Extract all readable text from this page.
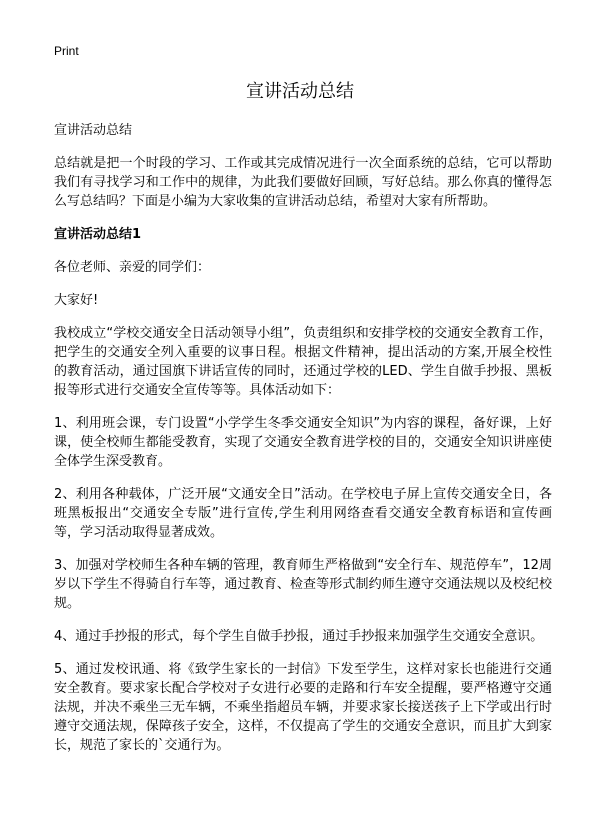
Print
宣讲活动总结

宣讲活动总结

总结就是把一个时段的学习、工作或其完成情况进行一次全面系统的总结，它可以帮助我们有寻找学习和工作中的规律，为此我们要做好回顾，写好总结。那么你真的懂得怎么写总结吗？下面是小编为大家收集的宣讲活动总结，希望对大家有所帮助。

宣讲活动总结1

各位老师、亲爱的同学们：

大家好!

我校成立“学校交通安全日活动领导小组”，负责组织和安排学校的交通安全教育工作，把学生的交通安全列入重要的议事日程。根据文件精神，提出活动的方案,开展全校性的教育活动，通过国旗下讲话宣传的同时，还通过学校的LED、学生自做手抄报、黑板报等形式进行交通安全宣传等等。具体活动如下：

1、利用班会课，专门设置“小学学生冬季交通安全知识”为内容的课程，备好课，上好课，使全校师生都能受教育，实现了交通安全教育进学校的目的，交通安全知识讲座使全体学生深受教育。

2、利用各种载体，广泛开展“文通安全日”活动。在学校电子屏上宣传交通安全日，各班黑板报出“交通安全专版”进行宣传,学生利用网络查看交通安全教育标语和宣传画等，学习活动取得显著成效。

3、加强对学校师生各种车辆的管理，教育师生严格做到“安全行车、规范停车”，12周岁以下学生不得骑自行车等，通过教育、检查等形式制约师生遵守交通法规以及校纪校规。

4、通过手抄报的形式，每个学生自做手抄报，通过手抄报来加强学生交通安全意识。

5、通过发校讯通、将《致学生家长的一封信》下发至学生，这样对家长也能进行交通安全教育。要求家长配合学校对子女进行必要的走路和行车安全提醒，要严格遵守交通法规，并决不乘坐三无车辆，不乘坐指超员车辆，并要求家长接送孩子上下学或出行时遵守交通法规，保障孩子安全，这样，不仅提高了学生的交通安全意识，而且扩大到家长，规范了家长的`交通行为。
